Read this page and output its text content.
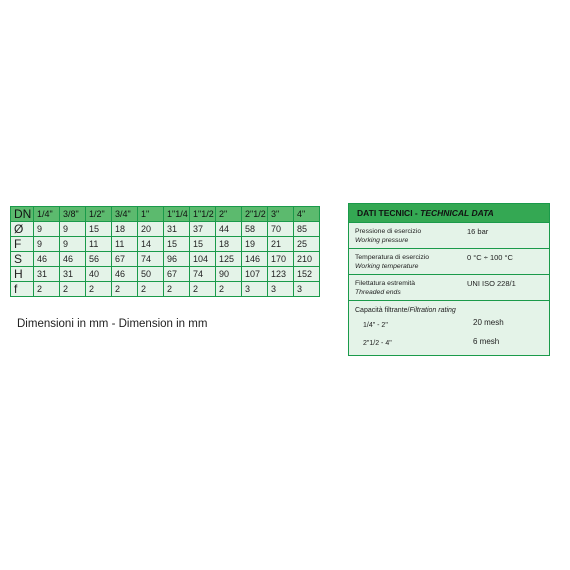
DN	1/4"	3/8"	1/2"	3/4"	1"	1"1/4	1"1/2	2"	2"1/2	3"	4"
Ø	9	9	15	18	20	31	37	44	58	70	85
F	9	9	11	11	14	15	15	18	19	21	25
S	46	46	56	67	74	96	104	125	146	170	210
H	31	31	40	46	50	67	74	90	107	123	152
f	2	2	2	2	2	2	2	2	3	3	3
Dimensioni in mm - Dimension in mm
DATI TECNICI - TECHNICAL DATA
Pressione di esercizio
Working pressure
16 bar
Temperatura di esercizio
Working temperature
0 °C ÷ 100 °C
Filettatura estremità
Threaded ends
UNI ISO 228/1
Capacità filtrante/Filtration rating
1/4" - 2"	20 mesh
2"1/2 - 4"	6 mesh
